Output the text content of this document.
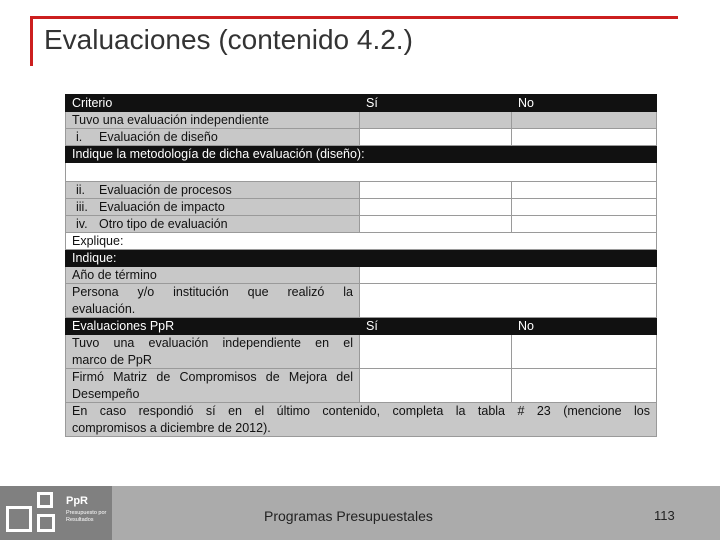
Evaluaciones (contenido 4.2.)
Criterio	Sí	No
Tuvo una evaluación independiente		
i. Evaluación de diseño		
Indique la metodología de dicha evaluación (diseño):		

ii. Evaluación de procesos		
iii. Evaluación de impacto		
iv. Otro tipo de evaluación		
Explique:		
Indique:		
Año de término		
Persona y/o institución que realizó la
evaluación.		

Evaluaciones PpR	Sí	No
Tuvo una evaluación independiente en el
marco de PpR		

Firmó Matriz de Compromisos de Mejora del
Desempeño		

En caso respondió sí en el último contenido, completa la tabla # 23 (mencione los
compromisos a diciembre de 2012).		
PpR
Presupuesto por Resultados	Programas Presupuestales	113
